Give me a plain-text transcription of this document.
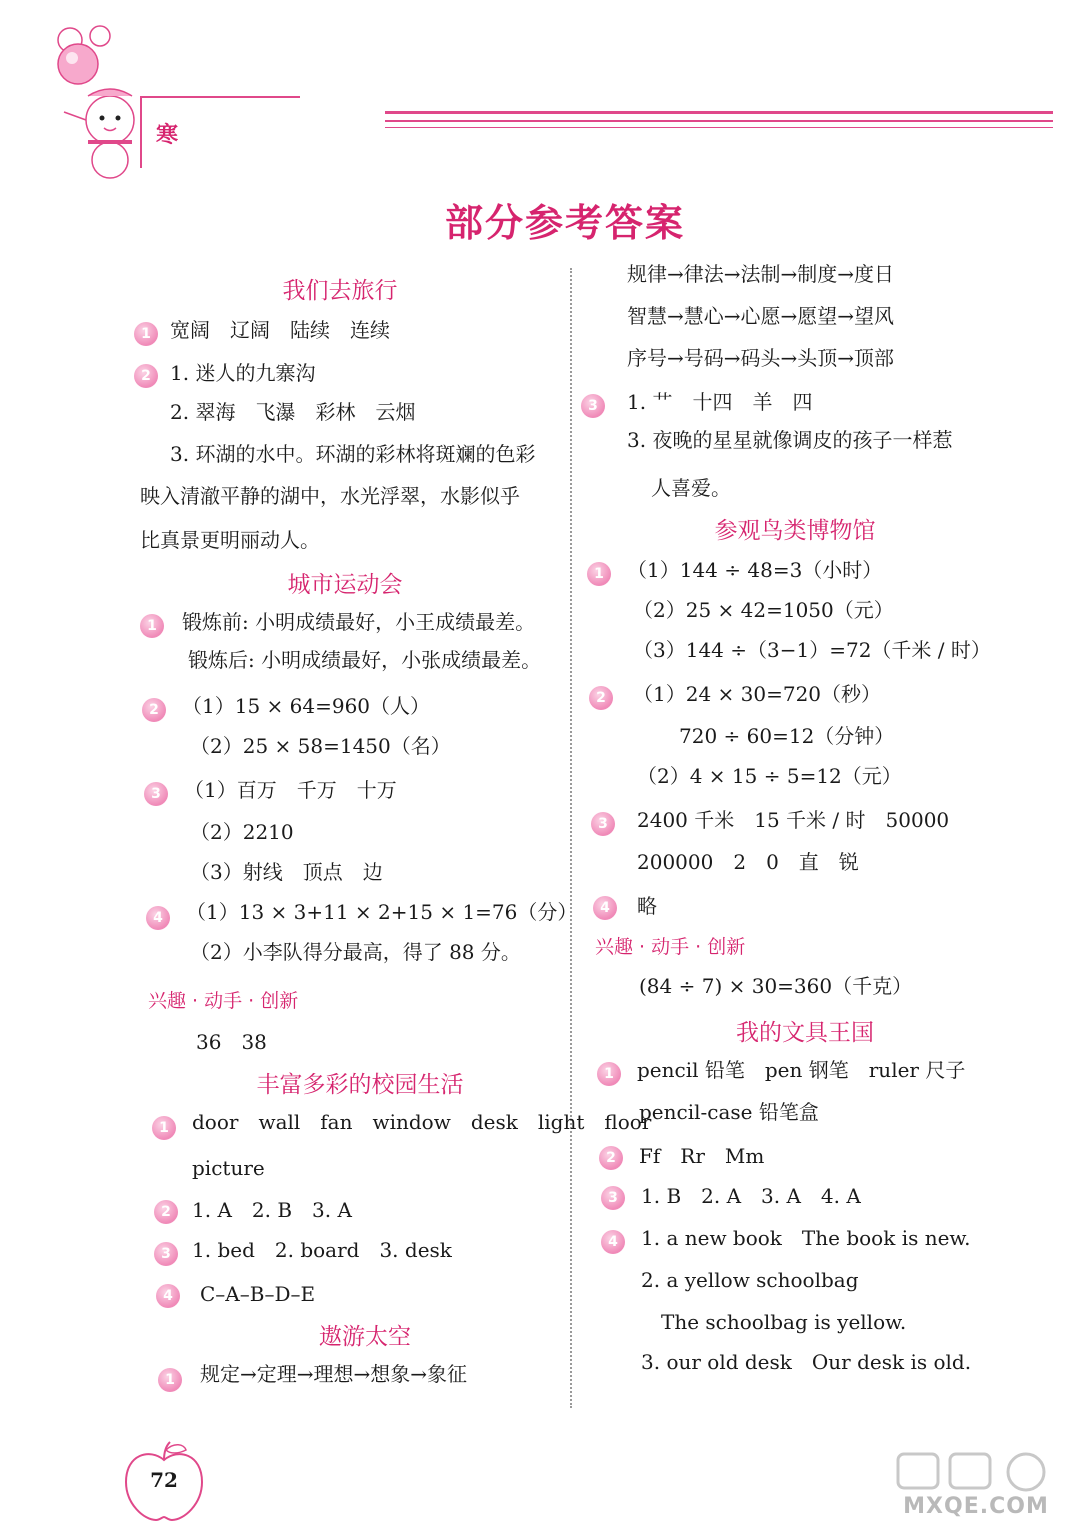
寒
部分参考答案
我们去旅行
1 宽阔　辽阔　陆续　连续
2 1. 迷人的九寨沟
2. 翠海　飞瀑　彩林　云烟
3. 环湖的水中。环湖的彩林将斑斓的色彩
映入清澈平静的湖中，水光浮翠，水影似乎
比真景更明丽动人。
城市运动会
1	锻炼前: 小明成绩最好，小王成绩最差。
锻炼后: 小明成绩最好，小张成绩最差。
2	（1）15 × 64=960（人）
（2）25 × 58=1450（名）
3	（1）百万　千万　十万
（2）2210
（3）射线　顶点　边
4	（1）13 × 3+11 × 2+15 × 1=76（分）
（2）小李队得分最高，得了 88 分。
兴趣 · 动手 · 创新
36　38
丰富多彩的校园生活
1	door　wall　fan　window　desk　light　floor
picture
2	1. A　2. B　3. A
3	1. bed　2. board　3. desk
4	C–A–B–D–E
遨游太空
1	规定→定理→理想→想象→象征
规律→律法→法制→制度→度日
智慧→慧心→心愿→愿望→望风
序号→号码→码头→头顶→顶部
3	1. 艹　十四　羊　四
3. 夜晚的星星就像调皮的孩子一样惹
人喜爱。
参观鸟类博物馆
1	（1）144 ÷ 48=3（小时）
（2）25 × 42=1050（元）
（3）144 ÷（3−1）=72（千米 / 时）
2	（1）24 × 30=720（秒）
720 ÷ 60=12（分钟）
（2）4 × 15 ÷ 5=12（元）
3	2400 千米　15 千米 / 时　50000
200000　2　0　直　锐
4	略
兴趣 · 动手 · 创新
(84 ÷ 7) × 30=360（千克）
我的文具王国
1	pencil 铅笔　pen 钢笔　ruler 尺子
pencil-case 铅笔盒
2	Ff　Rr　Mm
3	1. B　2. A　3. A　4. A
4	1. a new book　The book is new.
2. a yellow schoolbag
The schoolbag is yellow.
3. our old desk　Our desk is old.
72
MXQE.COM
